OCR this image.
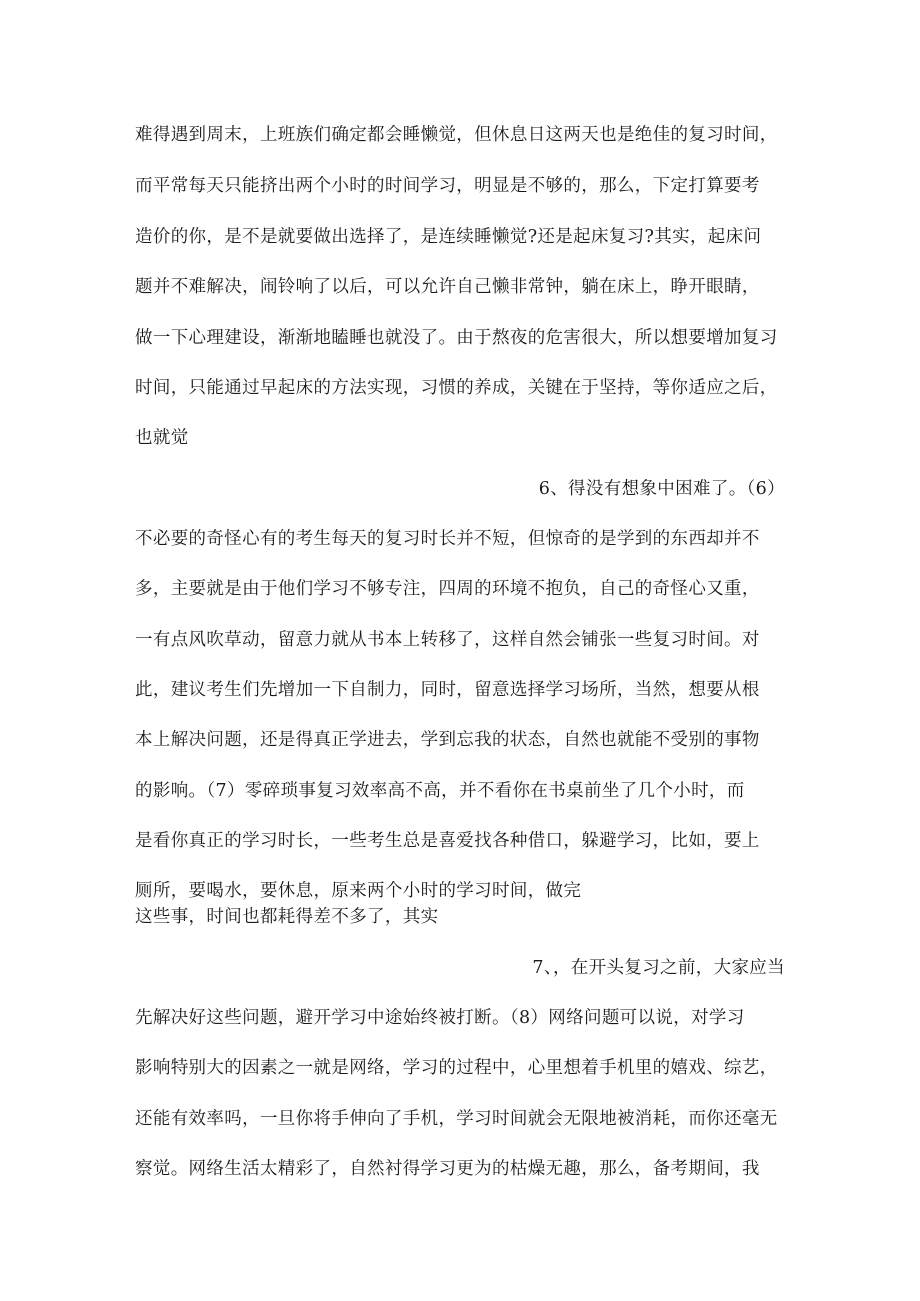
难得遇到周末，上班族们确定都会睡懒觉，但休息日这两天也是绝佳的复习时间，
而平常每天只能挤出两个小时的时间学习，明显是不够的，那么，下定打算要考
造价的你，是不是就要做出选择了，是连续睡懒觉?还是起床复习?其实，起床问
题并不难解决，闹铃响了以后，可以允许自己懒非常钟，躺在床上，睁开眼睛，
做一下心理建设，渐渐地瞌睡也就没了。由于熬夜的危害很大，所以想要增加复习
时间，只能通过早起床的方法实现，习惯的养成，关键在于坚持，等你适应之后，
也就觉
6、得没有想象中困难了。（6）
不必要的奇怪心有的考生每天的复习时长并不短，但惊奇的是学到的东西却并不
多，主要就是由于他们学习不够专注，四周的环境不抱负，自己的奇怪心又重，
一有点风吹草动，留意力就从书本上转移了，这样自然会铺张一些复习时间。对
此，建议考生们先增加一下自制力，同时，留意选择学习场所，当然，想要从根
本上解决问题，还是得真正学进去，学到忘我的状态，自然也就能不受别的事物
的影响。（7）零碎琐事复习效率高不高，并不看你在书桌前坐了几个小时，而
是看你真正的学习时长，一些考生总是喜爱找各种借口，躲避学习，比如，要上
厕所，要喝水，要休息，原来两个小时的学习时间，做完
这些事，时间也都耗得差不多了，其实
7、，在开头复习之前，大家应当
先解决好这些问题，避开学习中途始终被打断。（8）网络问题可以说，对学习
影响特别大的因素之一就是网络，学习的过程中，心里想着手机里的嬉戏、综艺，
还能有效率吗，一旦你将手伸向了手机，学习时间就会无限地被消耗，而你还毫无
察觉。网络生活太精彩了，自然衬得学习更为的枯燥无趣，那么，备考期间，我
